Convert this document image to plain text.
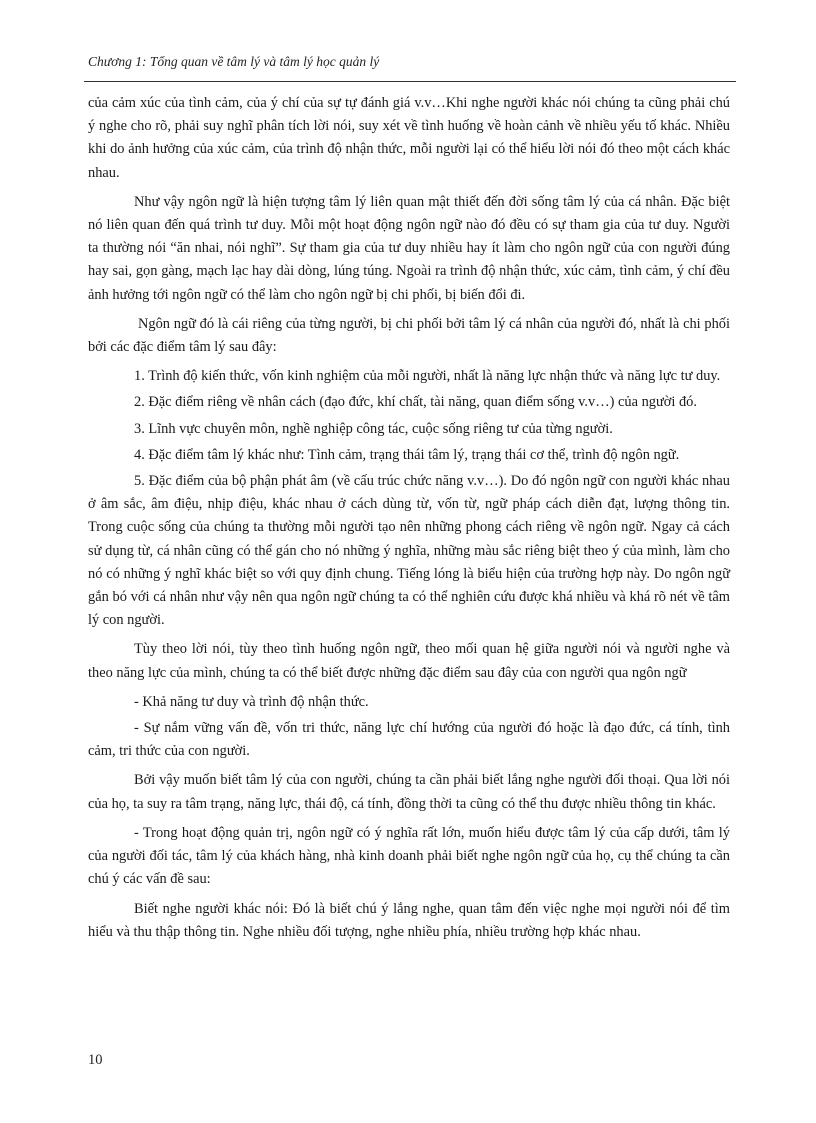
Chương 1: Tổng quan về tâm lý và tâm lý học quản lý

của cảm xúc của tình cảm, của ý chí của sự tự đánh giá v.v…Khi nghe người khác nói chúng ta cũng phải chú ý nghe cho rõ, phải suy nghĩ phân tích lời nói, suy xét về tình huống về hoàn cảnh về nhiều yếu tố khác. Nhiều khi do ảnh hưởng của xúc cảm, của trình độ nhận thức, mỗi người lại có thể hiểu lời nói đó theo một cách khác nhau.

Như vậy ngôn ngữ là hiện tượng tâm lý liên quan mật thiết đến đời sống tâm lý của cá nhân. Đặc biệt nó liên quan đến quá trình tư duy. Mỗi một hoạt động ngôn ngữ nào đó đều có sự tham gia của tư duy. Người ta thường nói “ăn nhai, nói nghĩ”. Sự tham gia của tư duy nhiều hay ít làm cho ngôn ngữ của con người đúng hay sai, gọn gàng, mạch lạc hay dài dòng, lúng túng. Ngoài ra trình độ nhận thức, xúc cảm, tình cảm, ý chí đều ảnh hưởng tới ngôn ngữ có thể làm cho ngôn ngữ bị chi phối, bị biến đổi đi.

Ngôn ngữ đó là cái riêng của từng người, bị chi phối bởi tâm lý cá nhân của người đó, nhất là chi phối bởi các đặc điểm tâm lý sau đây:

1. Trình độ kiến thức, vốn kinh nghiệm của mỗi người, nhất là năng lực nhận thức và năng lực tư duy.

2. Đặc điểm riêng về nhân cách (đạo đức, khí chất, tài năng, quan điểm sống v.v…) của người đó.

3. Lĩnh vực chuyên môn, nghề nghiệp công tác, cuộc sống riêng tư của từng người.

4. Đặc điểm tâm lý khác như: Tình cảm, trạng thái tâm lý, trạng thái cơ thể, trình độ ngôn ngữ.

5. Đặc điểm của bộ phận phát âm (về cấu trúc chức năng v.v…). Do đó ngôn ngữ con người khác nhau ở âm sắc, âm điệu, nhịp điệu, khác nhau ở cách dùng từ, vốn từ, ngữ pháp cách diễn đạt, lượng thông tin. Trong cuộc sống của chúng ta thường mỗi người tạo nên những phong cách riêng về ngôn ngữ. Ngay cả cách sử dụng từ, cá nhân cũng có thể gán cho nó những ý nghĩa, những màu sắc riêng biệt theo ý của mình, làm cho nó có những ý nghĩ khác biệt so với quy định chung. Tiếng lóng là biểu hiện của trường hợp này. Do ngôn ngữ gắn bó với cá nhân như vậy nên qua ngôn ngữ chúng ta có thể nghiên cứu được khá nhiều và khá rõ nét về tâm lý con người.

Tùy theo lời nói, tùy theo tình huống ngôn ngữ, theo mối quan hệ giữa người nói và người nghe và theo năng lực của mình, chúng ta có thể biết được những đặc điểm sau đây của con người qua ngôn ngữ

- Khả năng tư duy và trình độ nhận thức.

- Sự nắm vững vấn đề, vốn tri thức, năng lực chí hướng của người đó hoặc là đạo đức, cá tính, tình cảm, tri thức của con người.

Bởi vậy muốn biết tâm lý của con người, chúng ta cần phải biết lắng nghe người đối thoại. Qua lời nói của họ, ta suy ra tâm trạng, năng lực, thái độ, cá tính, đồng thời ta cũng có thể thu được nhiều thông tin khác.

- Trong hoạt động quản trị, ngôn ngữ có ý nghĩa rất lớn, muốn hiểu được tâm lý của cấp dưới, tâm lý của người đối tác, tâm lý của khách hàng, nhà kinh doanh phải biết nghe ngôn ngữ của họ, cụ thể chúng ta cần chú ý các vấn đề sau:

Biết nghe người khác nói: Đó là biết chú ý lắng nghe, quan tâm đến việc nghe mọi người nói để tìm hiểu và thu thập thông tin. Nghe nhiều đối tượng, nghe nhiều phía, nhiều trường hợp khác nhau.

10
